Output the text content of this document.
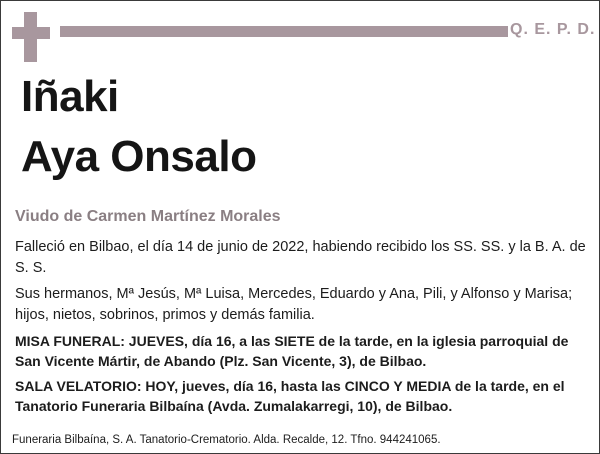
Q. E. P. D.
Iñaki
Aya Onsalo
Viudo de Carmen Martínez Morales

Falleció en Bilbao, el día 14 de junio de 2022, habiendo recibido los SS. SS. y la B. A. de S. S.

Sus hermanos, Mª Jesús, Mª Luisa, Mercedes, Eduardo y Ana, Pili, y Alfonso y Marisa; hijos, nietos, sobrinos, primos y demás familia.

MISA FUNERAL: JUEVES, día 16, a las SIETE de la tarde, en la iglesia parroquial de San Vicente Mártir, de Abando (Plz. San Vicente, 3), de Bilbao.

SALA VELATORIO: HOY, jueves, día 16, hasta las CINCO Y MEDIA de la tarde, en el Tanatorio Funeraria Bilbaína (Avda. Zumalakarregi, 10), de Bilbao.

Funeraria Bilbaína, S. A. Tanatorio-Crematorio. Alda. Recalde, 12. Tfno. 944241065.
